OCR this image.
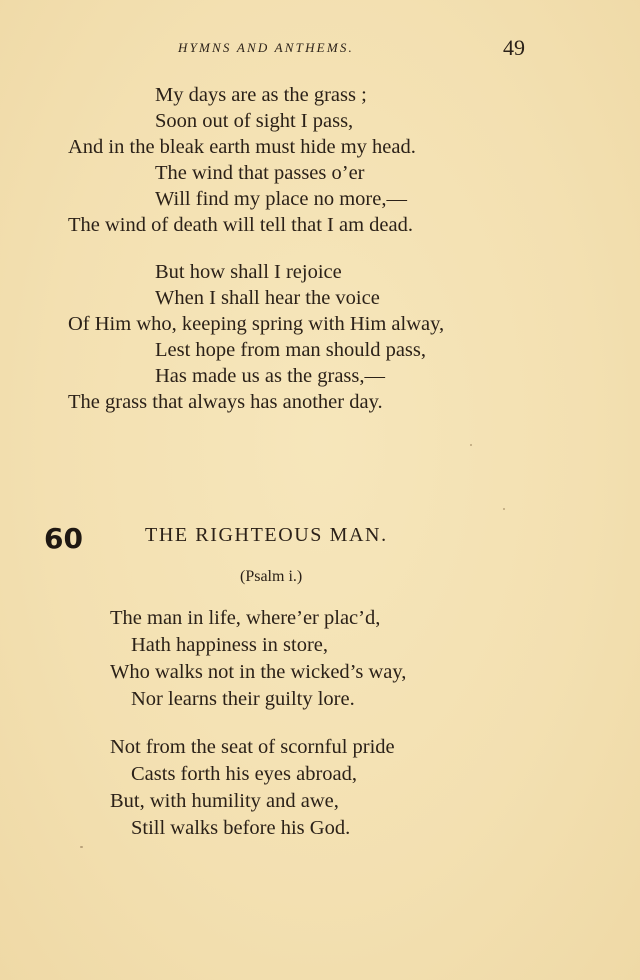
HYMNS AND ANTHEMS.	49
My days are as the grass ;
Soon out of sight I pass,
And in the bleak earth must hide my head.
The wind that passes o’er
Will find my place no more,—
The wind of death will tell that I am dead.
But how shall I rejoice
When I shall hear the voice
Of Him who, keeping spring with Him alway,
Lest hope from man should pass,
Has made us as the grass,—
The grass that always has another day.
60	THE RIGHTEOUS MAN.
(Psalm i.)
The man in life, where’er plac’d,
Hath happiness in store,
Who walks not in the wicked’s way,
Nor learns their guilty lore.
Not from the seat of scornful pride
Casts forth his eyes abroad,
But, with humility and awe,
Still walks before his God.
